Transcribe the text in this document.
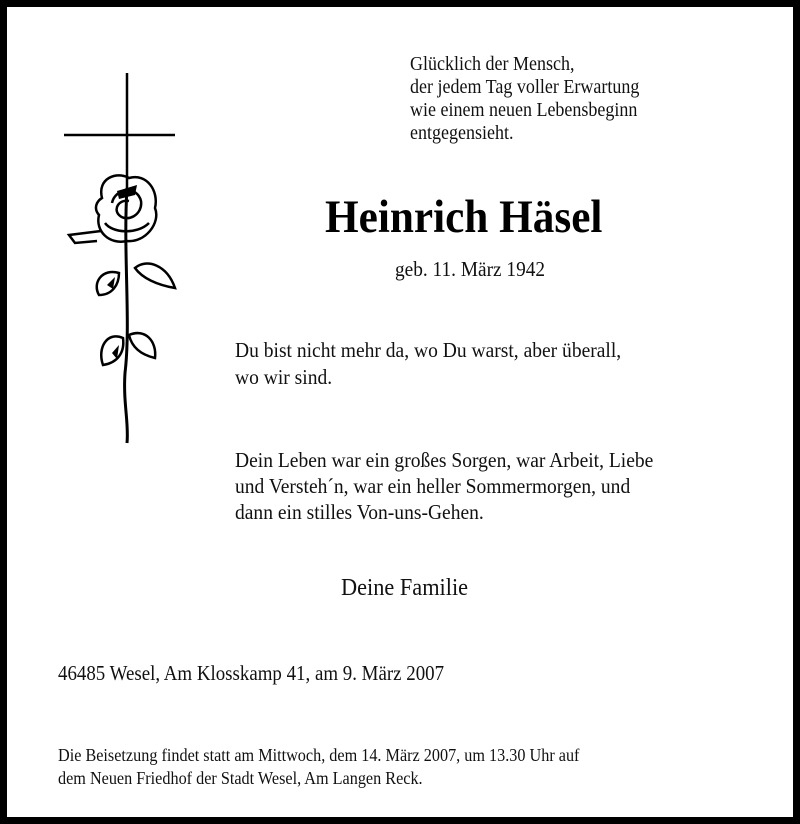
Glücklich der Mensch,
der jedem Tag voller Erwartung
wie einem neuen Lebensbeginn
entgegensieht.
Heinrich Häsel
geb. 11. März 1942
Du bist nicht mehr da, wo Du warst, aber überall,
wo wir sind.
Dein Leben war ein großes Sorgen, war Arbeit, Liebe
und Versteh´n, war ein heller Sommermorgen, und
dann ein stilles Von-uns-Gehen.
Deine Familie
46485 Wesel, Am Klosskamp 41, am 9. März 2007
Die Beisetzung findet statt am Mittwoch, dem 14. März 2007, um 13.30 Uhr auf
dem Neuen Friedhof der Stadt Wesel, Am Langen Reck.
